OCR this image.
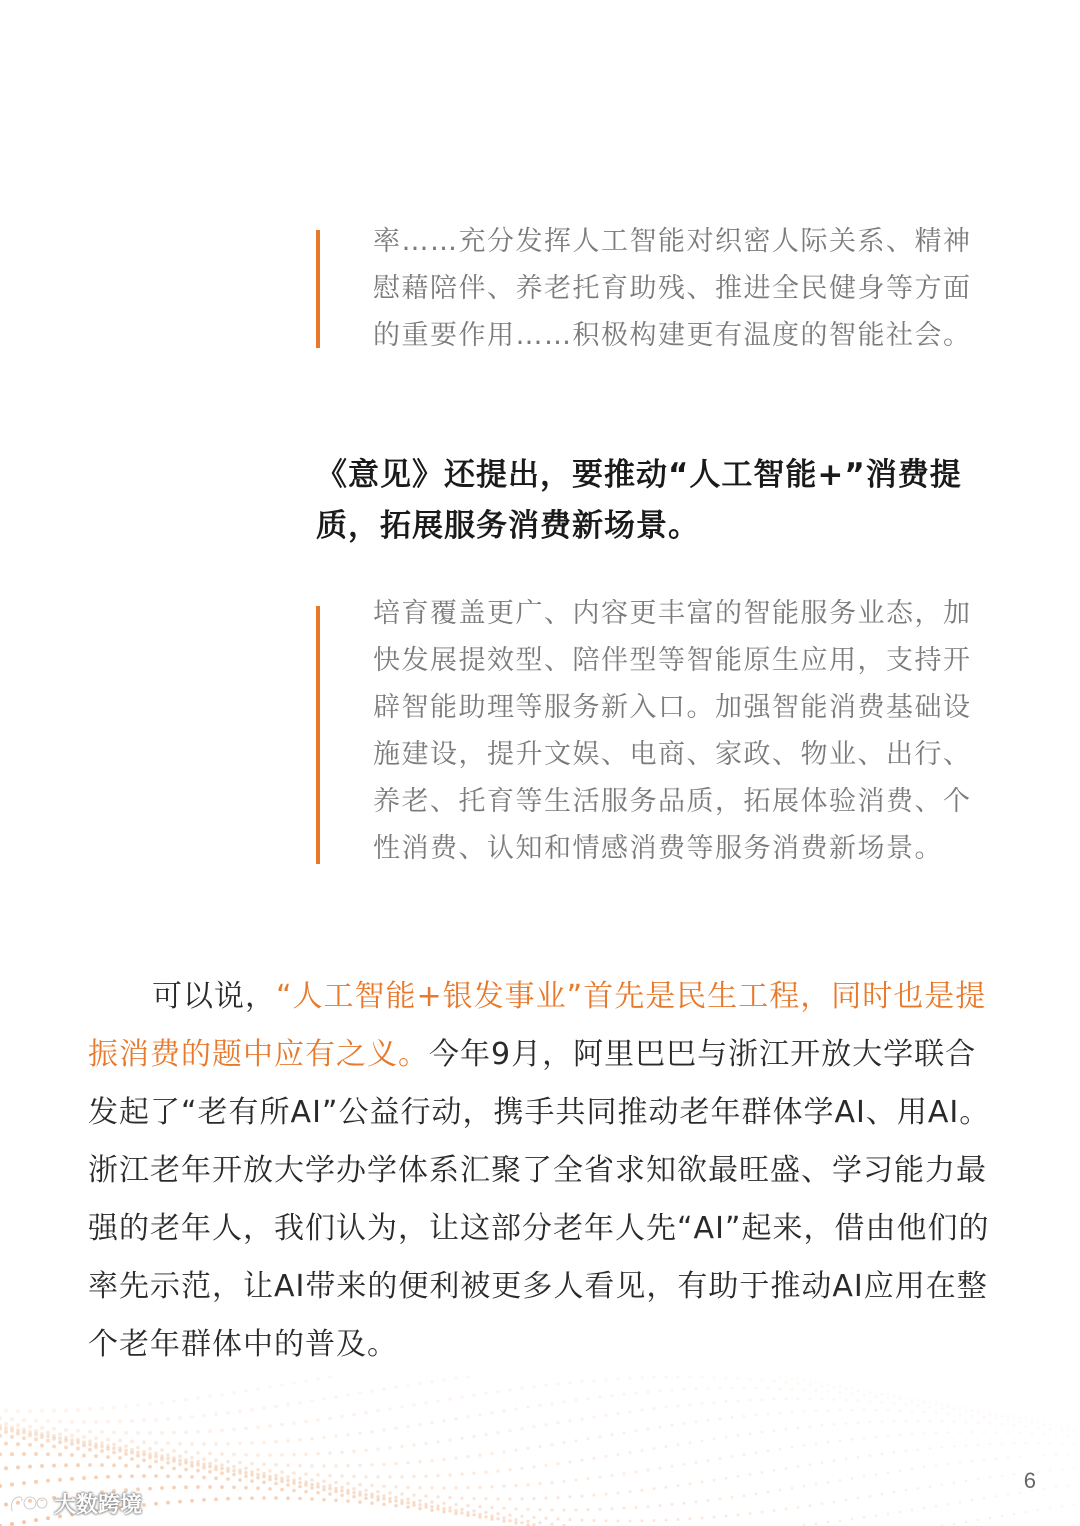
率……充分发挥人工智能对织密人际关系、精神慰藉陪伴、养老托育助残、推进全民健身等方面的重要作用……积极构建更有温度的智能社会。
《意见》还提出，要推动“人工智能+”消费提质，拓展服务消费新场景。
培育覆盖更广、内容更丰富的智能服务业态，加快发展提效型、陪伴型等智能原生应用，支持开辟智能助理等服务新入口。加强智能消费基础设施建设，提升文娱、电商、家政、物业、出行、养老、托育等生活服务品质，拓展体验消费、个性消费、认知和情感消费等服务消费新场景。
可以说，“人工智能+银发事业”首先是民生工程，同时也是提振消费的题中应有之义。今年9月，阿里巴巴与浙江开放大学联合发起了“老有所AI”公益行动，携手共同推动老年群体学AI、用AI。浙江老年开放大学办学体系汇聚了全省求知欲最旺盛、学习能力最强的老年人，我们认为，让这部分老年人先“AI”起来，借由他们的率先示范，让AI带来的便利被更多人看见，有助于推动AI应用在整个老年群体中的普及。
6
大数跨境
